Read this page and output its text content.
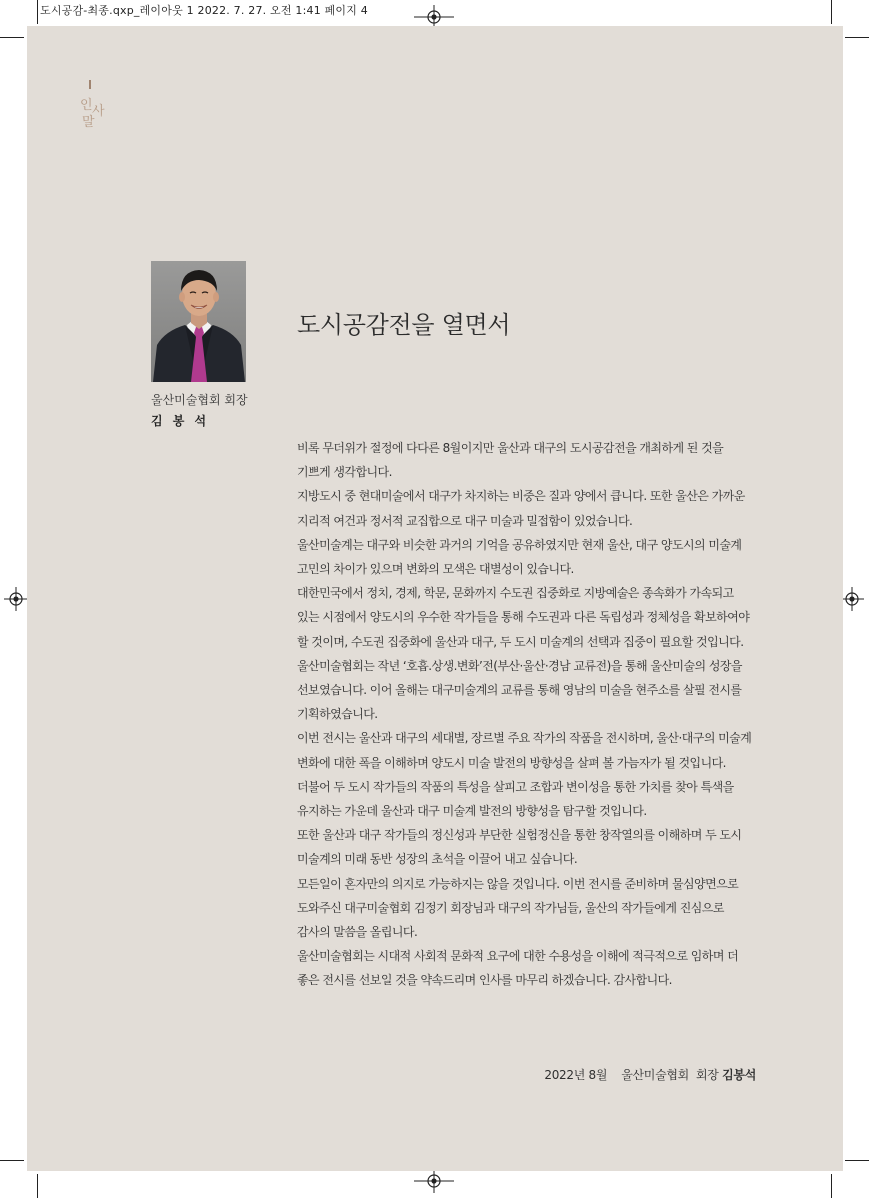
도시공감-최종.qxp_레이아웃 1 2022. 7. 27. 오전 1:41 페이지 4
인 사
말
울산미술협회 회장
김 봉 석
도시공감전을 열면서

비록 무더위가 절정에 다다른 8월이지만 울산과 대구의 도시공감전을 개최하게 된 것을 기쁘게 생각합니다.

지방도시 중 현대미술에서 대구가 차지하는 비중은 질과 양에서 큽니다. 또한 울산은 가까운 지리적 여건과 정서적 교집합으로 대구 미술과 밀접함이 있었습니다.

울산미술계는 대구와 비슷한 과거의 기억을 공유하였지만 현재 울산, 대구 양도시의 미술계 고민의 차이가 있으며 변화의 모색은 대별성이 있습니다.

대한민국에서 정치, 경제, 학문, 문화까지 수도권 집중화로 지방예술은 종속화가 가속되고 있는 시점에서 양도시의 우수한 작가들을 통해 수도권과 다른 독립성과 정체성을 확보하여야 할 것이며, 수도권 집중화에 울산과 대구, 두 도시 미술계의 선택과 집중이 필요할 것입니다.

울산미술협회는 작년 ‘호흡.상생.변화’전(부산·울산·경남 교류전)을 통해 울산미술의 성장을 선보였습니다. 이어 올해는 대구미술계의 교류를 통해 영남의 미술을 현주소를 살필 전시를 기획하였습니다.

이번 전시는 울산과 대구의 세대별, 장르별 주요 작가의 작품을 전시하며, 울산·대구의 미술계 변화에 대한 폭을 이해하며 양도시 미술 발전의 방향성을 살펴 볼 가늠자가 될 것입니다.

더불어 두 도시 작가들의 작품의 특성을 살피고 조합과 변이성을 통한 가치를 찾아 특색을 유지하는 가운데 울산과 대구 미술계 발전의 방향성을 탐구할 것입니다.

또한 울산과 대구 작가들의 정신성과 부단한 실험정신을 통한 창작열의를 이해하며 두 도시 미술계의 미래 동반 성장의 초석을 이끌어 내고 싶습니다.

모든일이 혼자만의 의지로 가능하지는 않을 것입니다. 이번 전시를 준비하며 물심양면으로 도와주신 대구미술협회 김정기 회장님과 대구의 작가님들, 울산의 작가들에게 진심으로 감사의 말씀을 올립니다.

울산미술협회는 시대적 사회적 문화적 요구에 대한 수용성을 이해에 적극적으로 임하며 더 좋은 전시를 선보일 것을 약속드리며 인사를 마무리 하겠습니다. 감사합니다.

2022년 8월 울산미술협회  회장 김봉석
